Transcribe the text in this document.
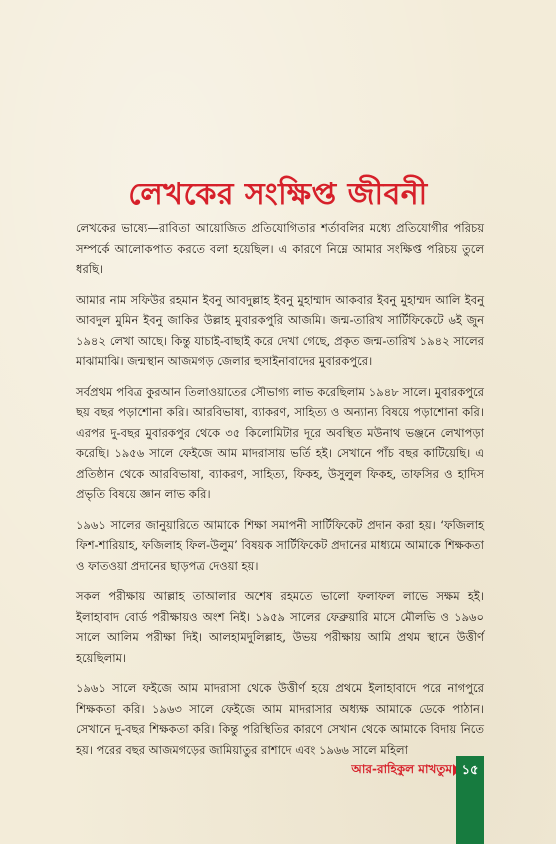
লেখকের সংক্ষিপ্ত জীবনী

লেখকের ভাষ্যে—রাবিতা আয়োজিত প্রতিযোগিতার শর্তাবলির মধ্যে প্রতিযোগীর পরিচয় সম্পর্কে আলোকপাত করতে বলা হয়েছিল। এ কারণে নিম্নে আমার সংক্ষিপ্ত পরিচয় তুলে ধরছি।

আমার নাম সফিউর রহমান ইবনু আবদুল্লাহ ইবনু মুহাম্মাদ আকবার ইবনু মুহাম্মদ আলি ইবনু আবদুল মুমিন ইবনু জাকির উল্লাহ মুবারকপুরি আজমি। জন্ম-তারিখ সার্টিফিকেটে ৬ই জুন ১৯৪২ লেখা আছে। কিন্তু যাচাই-বাছাই করে দেখা গেছে, প্রকৃত জন্ম-তারিখ ১৯৪২ সালের মাঝামাঝি। জন্মস্থান আজমগড় জেলার হুসাইনাবাদের মুবারকপুরে।

সর্বপ্রথম পবিত্র কুরআন তিলাওয়াতের সৌভাগ্য লাভ করেছিলাম ১৯৪৮ সালে। মুবারকপুরে ছয় বছর পড়াশোনা করি। আরবিভাষা, ব্যাকরণ, সাহিত্য ও অন্যান্য বিষয়ে পড়াশোনা করি। এরপর দু-বছর মুবারকপুর থেকে ৩৫ কিলোমিটার দূরে অবস্থিত মউনাথ ভঞ্জনে লেখাপড়া করেছি। ১৯৫৬ সালে ফেইজে আম মাদরাসায় ভর্তি হই। সেখানে পাঁচ বছর কাটিয়েছি। এ প্রতিষ্ঠান থেকে আরবিভাষা, ব্যাকরণ, সাহিত্য, ফিকহ, উসুলুল ফিকহ, তাফসির ও হাদিস প্রভৃতি বিষয়ে জ্ঞান লাভ করি।

১৯৬১ সালের জানুয়ারিতে আমাকে শিক্ষা সমাপনী সার্টিফিকেট প্রদান করা হয়। ‘ফজিলাহ ফিশ-শারিয়াহ, ফজিলাহ ফিল-উলুম’ বিষয়ক সার্টিফিকেট প্রদানের মাধ্যমে আমাকে শিক্ষকতা ও ফাতওয়া প্রদানের ছাড়পত্র দেওয়া হয়।

সকল পরীক্ষায় আল্লাহ তাআলার অশেষ রহমতে ভালো ফলাফল লাভে সক্ষম হই। ইলাহাবাদ বোর্ড পরীক্ষায়ও অংশ নিই। ১৯৫৯ সালের ফেব্রুয়ারি মাসে মৌলভি ও ১৯৬০ সালে আলিম পরীক্ষা দিই। আলহামদুলিল্লাহ, উভয় পরীক্ষায় আমি প্রথম স্থানে উত্তীর্ণ হয়েছিলাম।

১৯৬১ সালে ফইজে আম মাদরাসা থেকে উত্তীর্ণ হয়ে প্রথমে ইলাহাবাদে পরে নাগপুরে শিক্ষকতা করি। ১৯৬৩ সালে ফেইজে আম মাদরাসার অধ্যক্ষ আমাকে ডেকে পাঠান। সেখানে দু-বছর শিক্ষকতা করি। কিন্তু পরিস্থিতির কারণে সেখান থেকে আমাকে বিদায় নিতে হয়। পরের বছর আজমগড়ের জামিয়াতুর রাশাদে এবং ১৯৬৬ সালে মহিলা

আর-রাহিকুল মাখতুম ১৫
